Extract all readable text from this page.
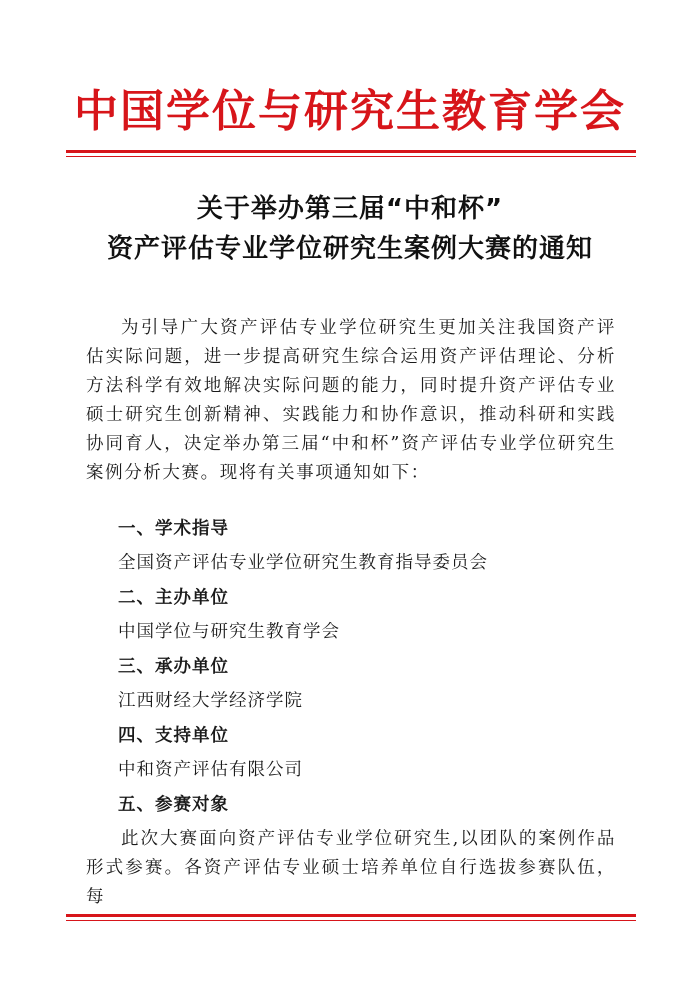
中国学位与研究生教育学会
关于举办第三届“中和杯”
资产评估专业学位研究生案例大赛的通知

为引导广大资产评估专业学位研究生更加关注我国资产评估实际问题，进一步提高研究生综合运用资产评估理论、分析方法科学有效地解决实际问题的能力，同时提升资产评估专业硕士研究生创新精神、实践能力和协作意识，推动科研和实践协同育人，决定举办第三届“中和杯”资产评估专业学位研究生案例分析大赛。现将有关事项通知如下：

一、学术指导
全国资产评估专业学位研究生教育指导委员会
二、主办单位
中国学位与研究生教育学会
三、承办单位
江西财经大学经济学院
四、支持单位
中和资产评估有限公司
五、参赛对象

此次大赛面向资产评估专业学位研究生,以团队的案例作品形式参赛。各资产评估专业硕士培养单位自行选拔参赛队伍，每
